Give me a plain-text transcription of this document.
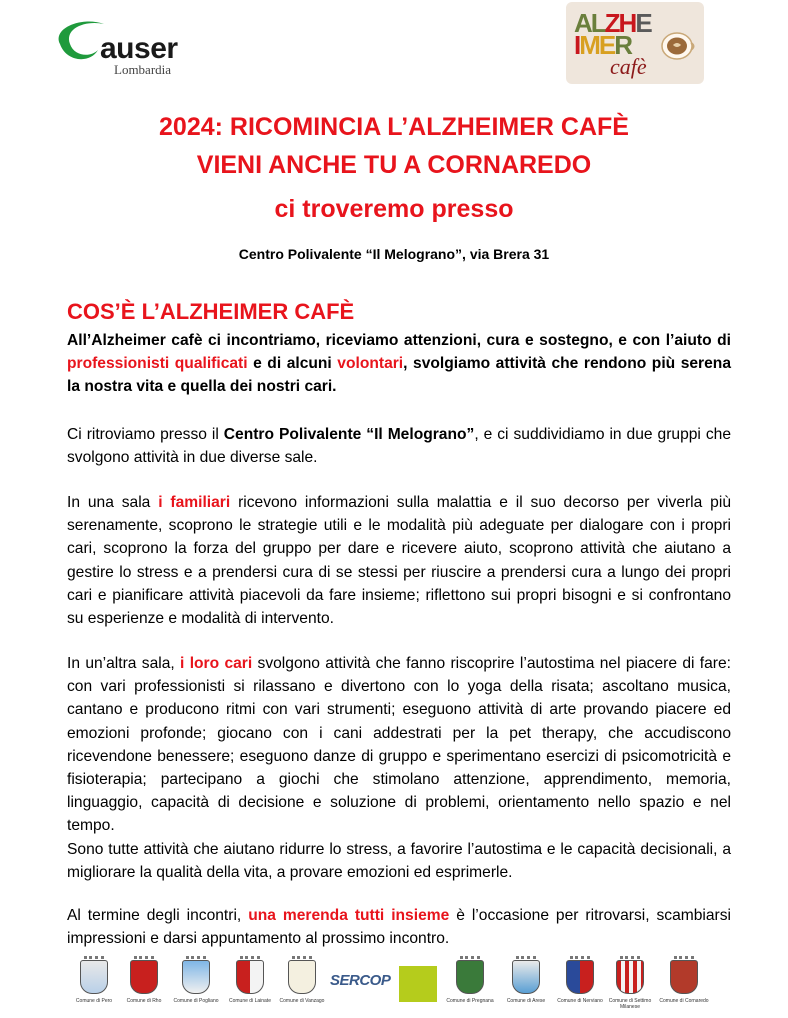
auser
Lombardia
ALZHE
IMER
cafè
2024: RICOMINCIA L’ALZHEIMER CAFÈ
VIENI ANCHE TU A CORNAREDO
ci troveremo presso
Centro Polivalente “Il Melograno”, via Brera 31
COS’È L’ALZHEIMER CAFÈ

All’Alzheimer cafè ci incontriamo, riceviamo attenzioni, cura e sostegno, e con l’aiuto di professionisti qualificati e di alcuni volontari, svolgiamo attività che rendono più serena la nostra vita e quella dei nostri cari.

Ci ritroviamo presso il Centro Polivalente “Il Melograno”, e ci suddividiamo in due gruppi che svolgono attività in due diverse sale.

In una sala i familiari ricevono informazioni sulla malattia e il suo decorso per viverla più serenamente, scoprono le strategie utili e le modalità più adeguate per dialogare con i propri cari, scoprono la forza del gruppo per dare e ricevere aiuto, scoprono attività che aiutano a gestire lo stress e a prendersi cura di se stessi per riuscire a prendersi cura a lungo dei propri cari e pianificare attività piacevoli da fare insieme; riflettono sui propri bisogni e si confrontano su esperienze e modalità di intervento.

In un’altra sala, i loro cari svolgono attività che fanno riscoprire l’autostima nel piacere di fare: con vari professionisti si rilassano e divertono con lo yoga della risata; ascoltano musica, cantano e producono ritmi con vari strumenti; eseguono attività di arte provando piacere ed emozioni profonde; giocano con i cani addestrati per la pet therapy, che accudiscono ricevendone benessere; eseguono danze di gruppo e sperimentano esercizi di psicomotricità e fisioterapia; partecipano a giochi che stimolano attenzione, apprendimento, memoria, linguaggio, capacità di decisione e soluzione di problemi, orientamento nello spazio e nel tempo.
Sono tutte attività che aiutano ridurre lo stress, a favorire l’autostima e le capacità decisionali, a migliorare la qualità della vita, a provare emozioni ed esprimerle.

Al termine degli incontri, una merenda tutti insieme è l’occasione per ritrovarsi, scambiarsi impressioni e darsi appuntamento al prossimo incontro.

Comune di Pero	Comune di Rho	Comune di Pogliano	Comune di Lainate	Comune di Vanzago
SERCOP
Comune di Pregnana	Comune di Arese	Comune di Nerviano	Comune di Settimo Milanese
Comune di Cornaredo
